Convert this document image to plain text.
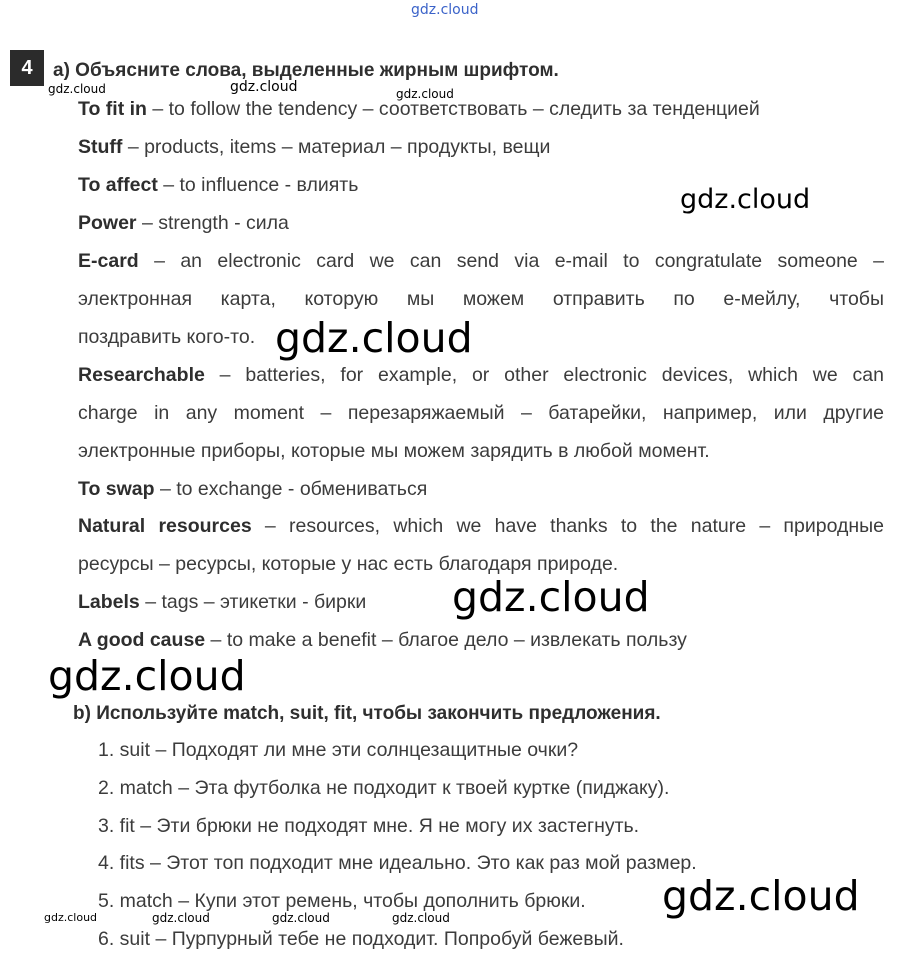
gdz.cloud
gdz.cloud	gdz.cloud	gdz.cloud
gdz.cloud
gdz.cloud
gdz.cloud
gdz.cloud
gdz.cloud
gdz.cloud	gdz.cloud	gdz.cloud	gdz.cloud
4	a) Объясните слова, выделенные жирным шрифтом.
To fit in – to follow the tendency – соответствовать – следить за тенденцией
Stuff – products, items – материал – продукты, вещи
To affect – to influence - влиять
Power – strength - сила
E-card – an electronic card we can send via e-mail to congratulate someone –
электронная карта, которую мы можем отправить по е-мейлу, чтобы
поздравить кого-то.
Researchable – batteries, for example, or other electronic devices, which we can
charge in any moment – перезаряжаемый – батарейки, например, или другие
электронные приборы, которые мы можем зарядить в любой момент.
To swap – to exchange - обмениваться
Natural resources – resources, which we have thanks to the nature – природные
ресурсы – ресурсы, которые у нас есть благодаря природе.
Labels – tags – этикетки - бирки
A good cause – to make a benefit – благое дело – извлекать пользу
b) Используйте match, suit, fit, чтобы закончить предложения.
1. suit – Подходят ли мне эти солнцезащитные очки?
2. match – Эта футболка не подходит к твоей куртке (пиджаку).
3. fit – Эти брюки не подходят мне. Я не могу их застегнуть.
4. fits – Этот топ подходит мне идеально. Это как раз мой размер.
5. match – Купи этот ремень, чтобы дополнить брюки.
6. suit – Пурпурный тебе не подходит. Попробуй бежевый.
